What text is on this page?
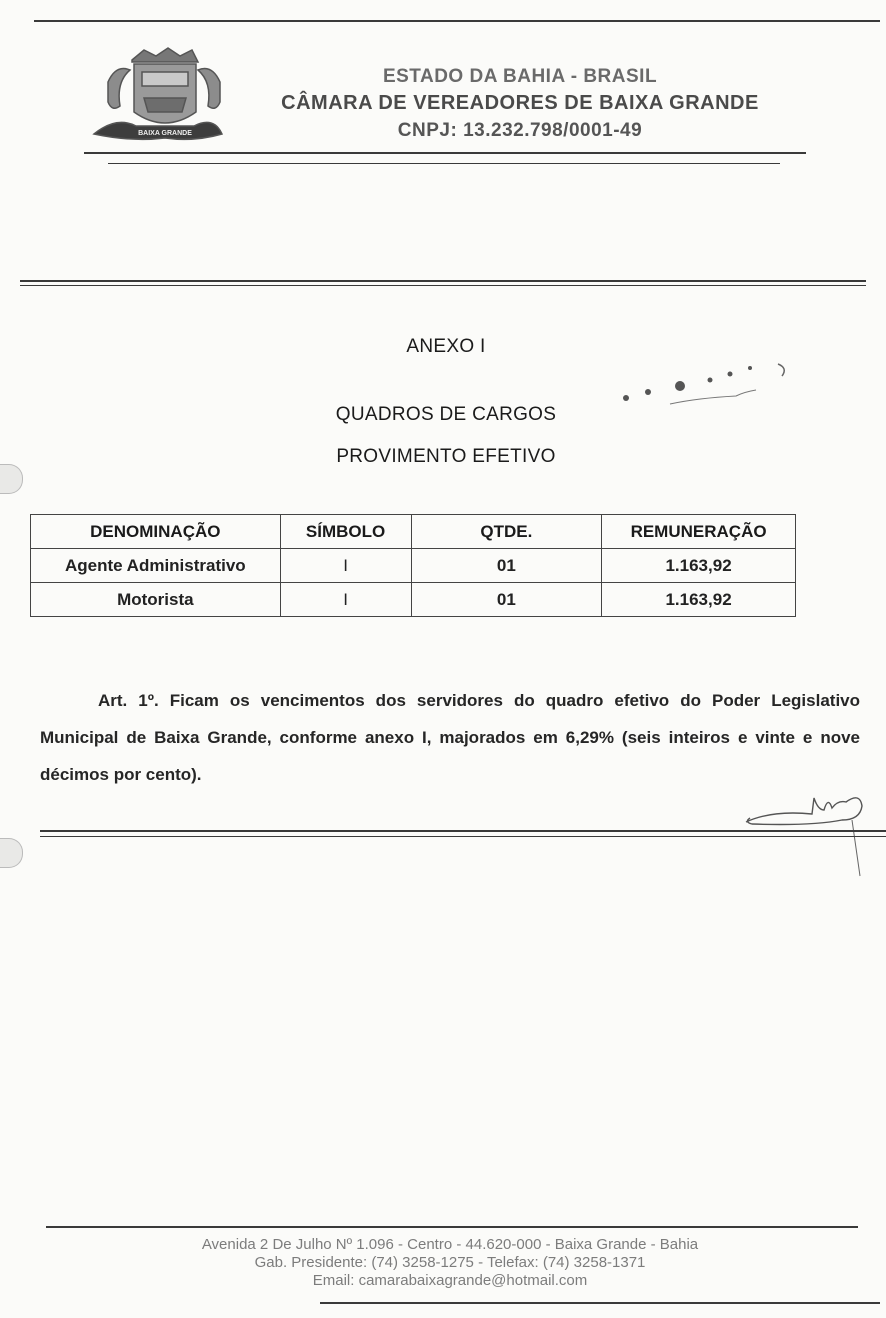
BAIXA GRANDE
ESTADO DA BAHIA - BRASIL
CÂMARA DE VEREADORES DE BAIXA GRANDE
CNPJ: 13.232.798/0001-49
ANEXO I
QUADROS DE CARGOS
PROVIMENTO EFETIVO
DENOMINAÇÃO	SÍMBOLO	QTDE.	REMUNERAÇÃO
Agente Administrativo	I	01	1.163,92
Motorista	I	01	1.163,92
Art. 1º. Ficam os vencimentos dos servidores do quadro efetivo do Poder Legislativo Municipal de Baixa Grande, conforme anexo I, majorados em 6,29% (seis inteiros e vinte e nove décimos por cento).
Avenida 2 De Julho Nº 1.096 - Centro - 44.620-000 - Baixa Grande - Bahia
Gab. Presidente: (74) 3258-1275 - Telefax: (74) 3258-1371
Email: camarabaixagrande@hotmail.com
